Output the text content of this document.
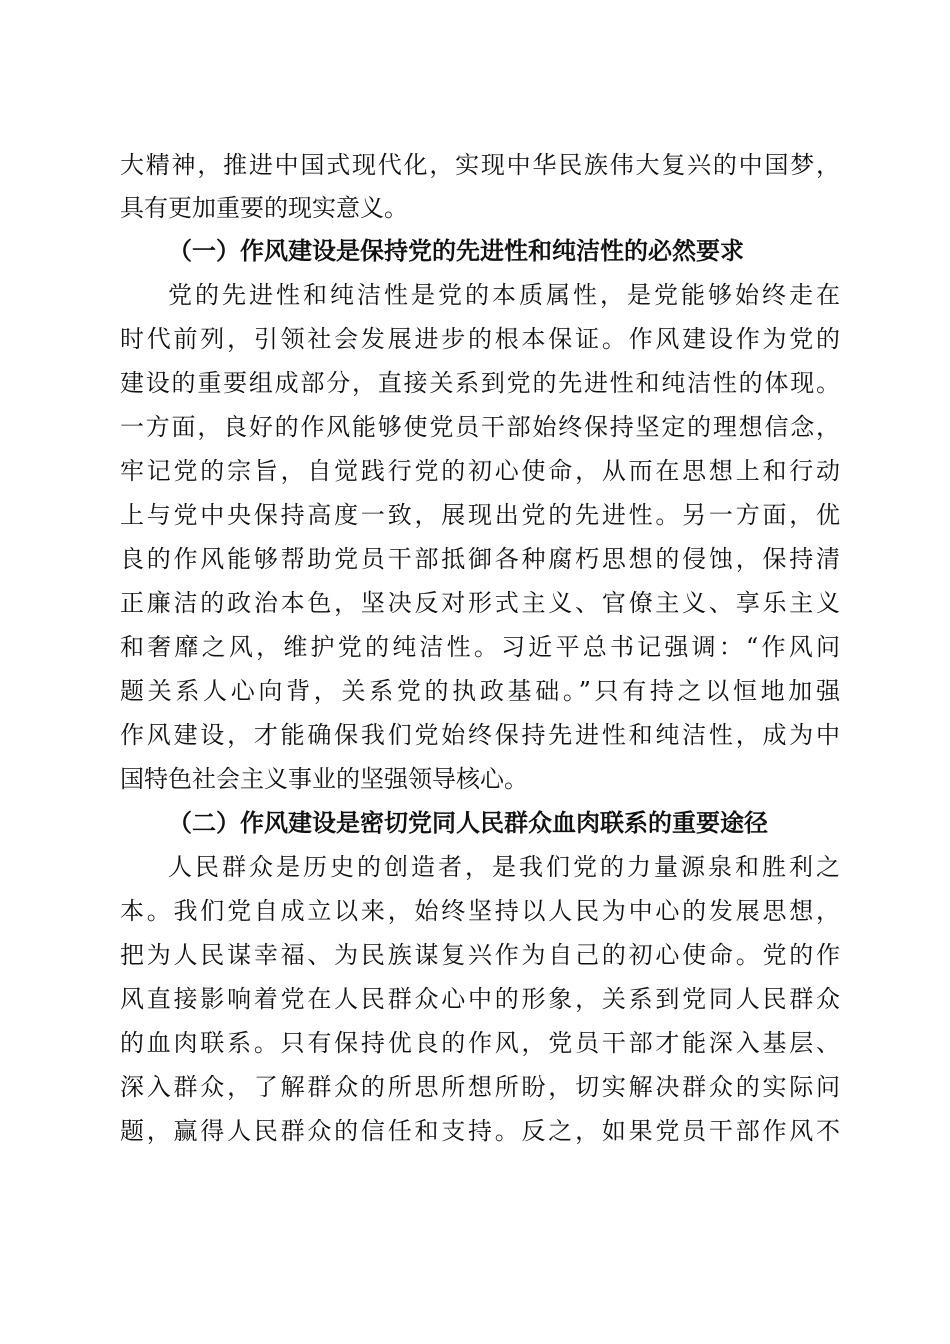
大精神，推进中国式现代化，实现中华民族伟大复兴的中国梦，
具有更加重要的现实意义。
（一）作风建设是保持党的先进性和纯洁性的必然要求
党的先进性和纯洁性是党的本质属性，是党能够始终走在
时代前列，引领社会发展进步的根本保证。作风建设作为党的
建设的重要组成部分，直接关系到党的先进性和纯洁性的体现。
一方面，良好的作风能够使党员干部始终保持坚定的理想信念，
牢记党的宗旨，自觉践行党的初心使命，从而在思想上和行动
上与党中央保持高度一致，展现出党的先进性。另一方面，优
良的作风能够帮助党员干部抵御各种腐朽思想的侵蚀，保持清
正廉洁的政治本色，坚决反对形式主义、官僚主义、享乐主义
和奢靡之风，维护党的纯洁性。习近平总书记强调：“作风问
题关系人心向背，关系党的执政基础。”只有持之以恒地加强
作风建设，才能确保我们党始终保持先进性和纯洁性，成为中
国特色社会主义事业的坚强领导核心。
（二）作风建设是密切党同人民群众血肉联系的重要途径
人民群众是历史的创造者，是我们党的力量源泉和胜利之
本。我们党自成立以来，始终坚持以人民为中心的发展思想，
把为人民谋幸福、为民族谋复兴作为自己的初心使命。党的作
风直接影响着党在人民群众心中的形象，关系到党同人民群众
的血肉联系。只有保持优良的作风，党员干部才能深入基层、
深入群众，了解群众的所思所想所盼，切实解决群众的实际问
题，赢得人民群众的信任和支持。反之，如果党员干部作风不
